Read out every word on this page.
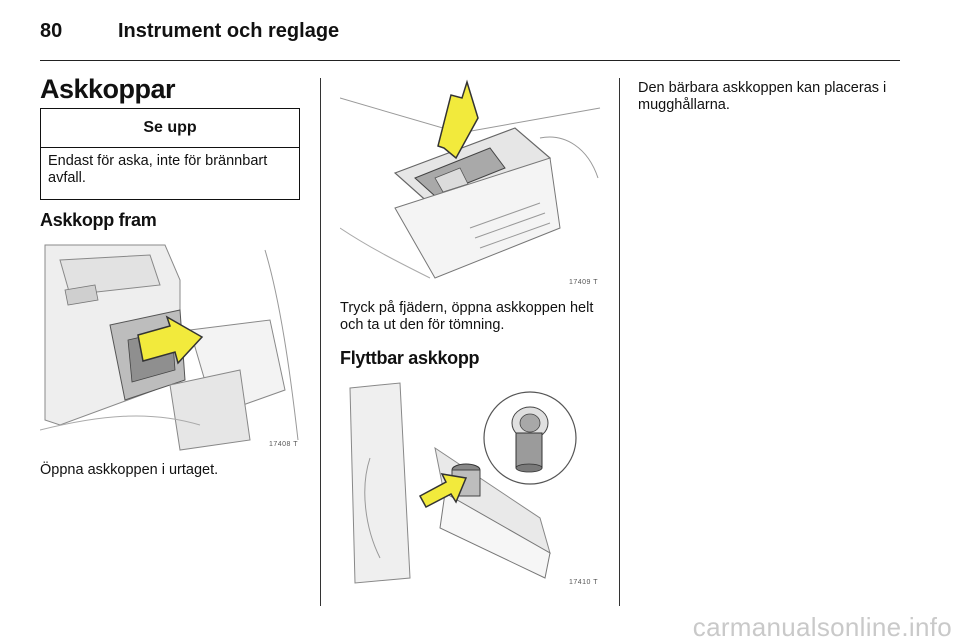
80	Instrument och reglage
Askkoppar
Se upp
Endast för aska, inte för brännbart avfall.
Askkopp fram
17408 T
Öppna askkoppen i urtaget.
17409 T
Tryck på fjädern, öppna askkoppen helt och ta ut den för tömning.
Flyttbar askkopp
17410 T
Den bärbara askkoppen kan placeras i mugghållarna.
carmanualsonline.info
